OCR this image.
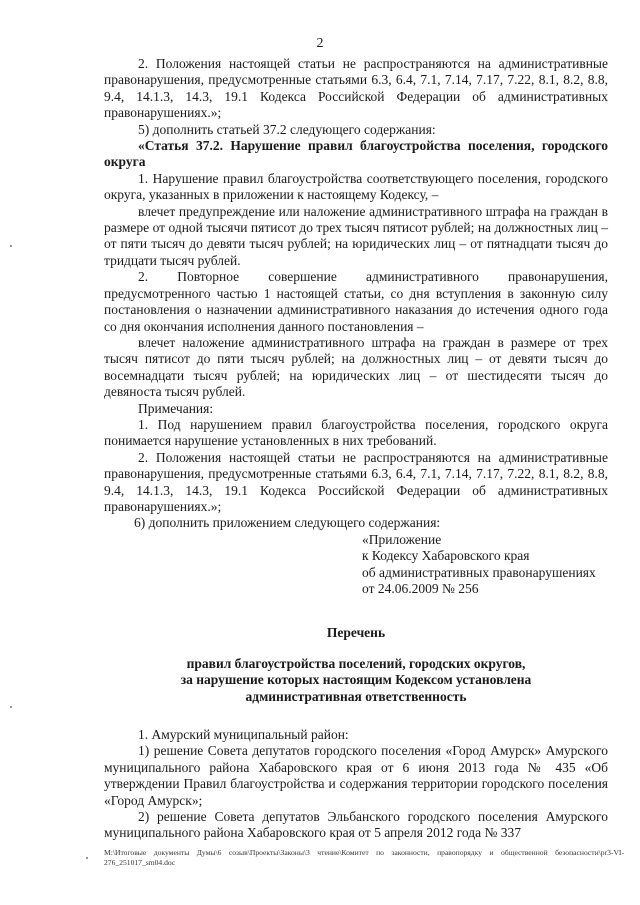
2

2. Положения настоящей статьи не распространяются на административные правонарушения, предусмотренные статьями 6.3, 6.4, 7.1, 7.14, 7.17, 7.22, 8.1, 8.2, 8.8, 9.4, 14.1.3, 14.3, 19.1 Кодекса Российской Федерации об административных правонарушениях.»;

5) дополнить статьей 37.2 следующего содержания:

«Статья 37.2. Нарушение правил благоустройства поселения, городского округа

1. Нарушение правил благоустройства соответствующего поселения, городского округа, указанных в приложении к настоящему Кодексу, –

влечет предупреждение или наложение административного штрафа на граждан в размере от одной тысячи пятисот до трех тысяч пятисот рублей; на должностных лиц – от пяти тысяч до девяти тысяч рублей; на юридических лиц – от пятнадцати тысяч до тридцати тысяч рублей.

2. Повторное совершение административного правонарушения, предусмотренного частью 1 настоящей статьи, со дня вступления в законную силу постановления о назначении административного наказания до истечения одного года со дня окончания исполнения данного постановления –

влечет наложение административного штрафа на граждан в размере от трех тысяч пятисот до пяти тысяч рублей; на должностных лиц – от девяти тысяч до восемнадцати тысяч рублей; на юридических лиц – от шестидесяти тысяч до девяноста тысяч рублей.

Примечания:

1. Под нарушением правил благоустройства поселения, городского округа понимается нарушение установленных в них требований.

2. Положения настоящей статьи не распространяются на административные правонарушения, предусмотренные статьями 6.3, 6.4, 7.1, 7.14, 7.17, 7.22, 8.1, 8.2, 8.8, 9.4, 14.1.3, 14.3, 19.1 Кодекса Российской Федерации об административных правонарушениях.»;

6) дополнить приложением следующего содержания:

«Приложение

к Кодексу Хабаровского края

об административных правонарушениях

от 24.06.2009 № 256

Перечень

правил благоустройства поселений, городских округов,

за нарушение которых настоящим Кодексом установлена

административная ответственность

1. Амурский муниципальный район:

1) решение Совета депутатов городского поселения «Город Амурск» Амурского муниципального района Хабаровского края от 6 июня 2013 года № 435 «Об утверждении Правил благоустройства и содержания территории городского поселения «Город Амурск»;

2) решение Совета депутатов Эльбанского городского поселения Амурского муниципального района Хабаровского края от 5 апреля 2012 года № 337

M:\Итоговые документы Думы\6 созыв\Проекты\Законы\3 чтение\Комитет по законности, правопорядку и общественной безопасности\pr3-VI-276_251017_sm04.doc
